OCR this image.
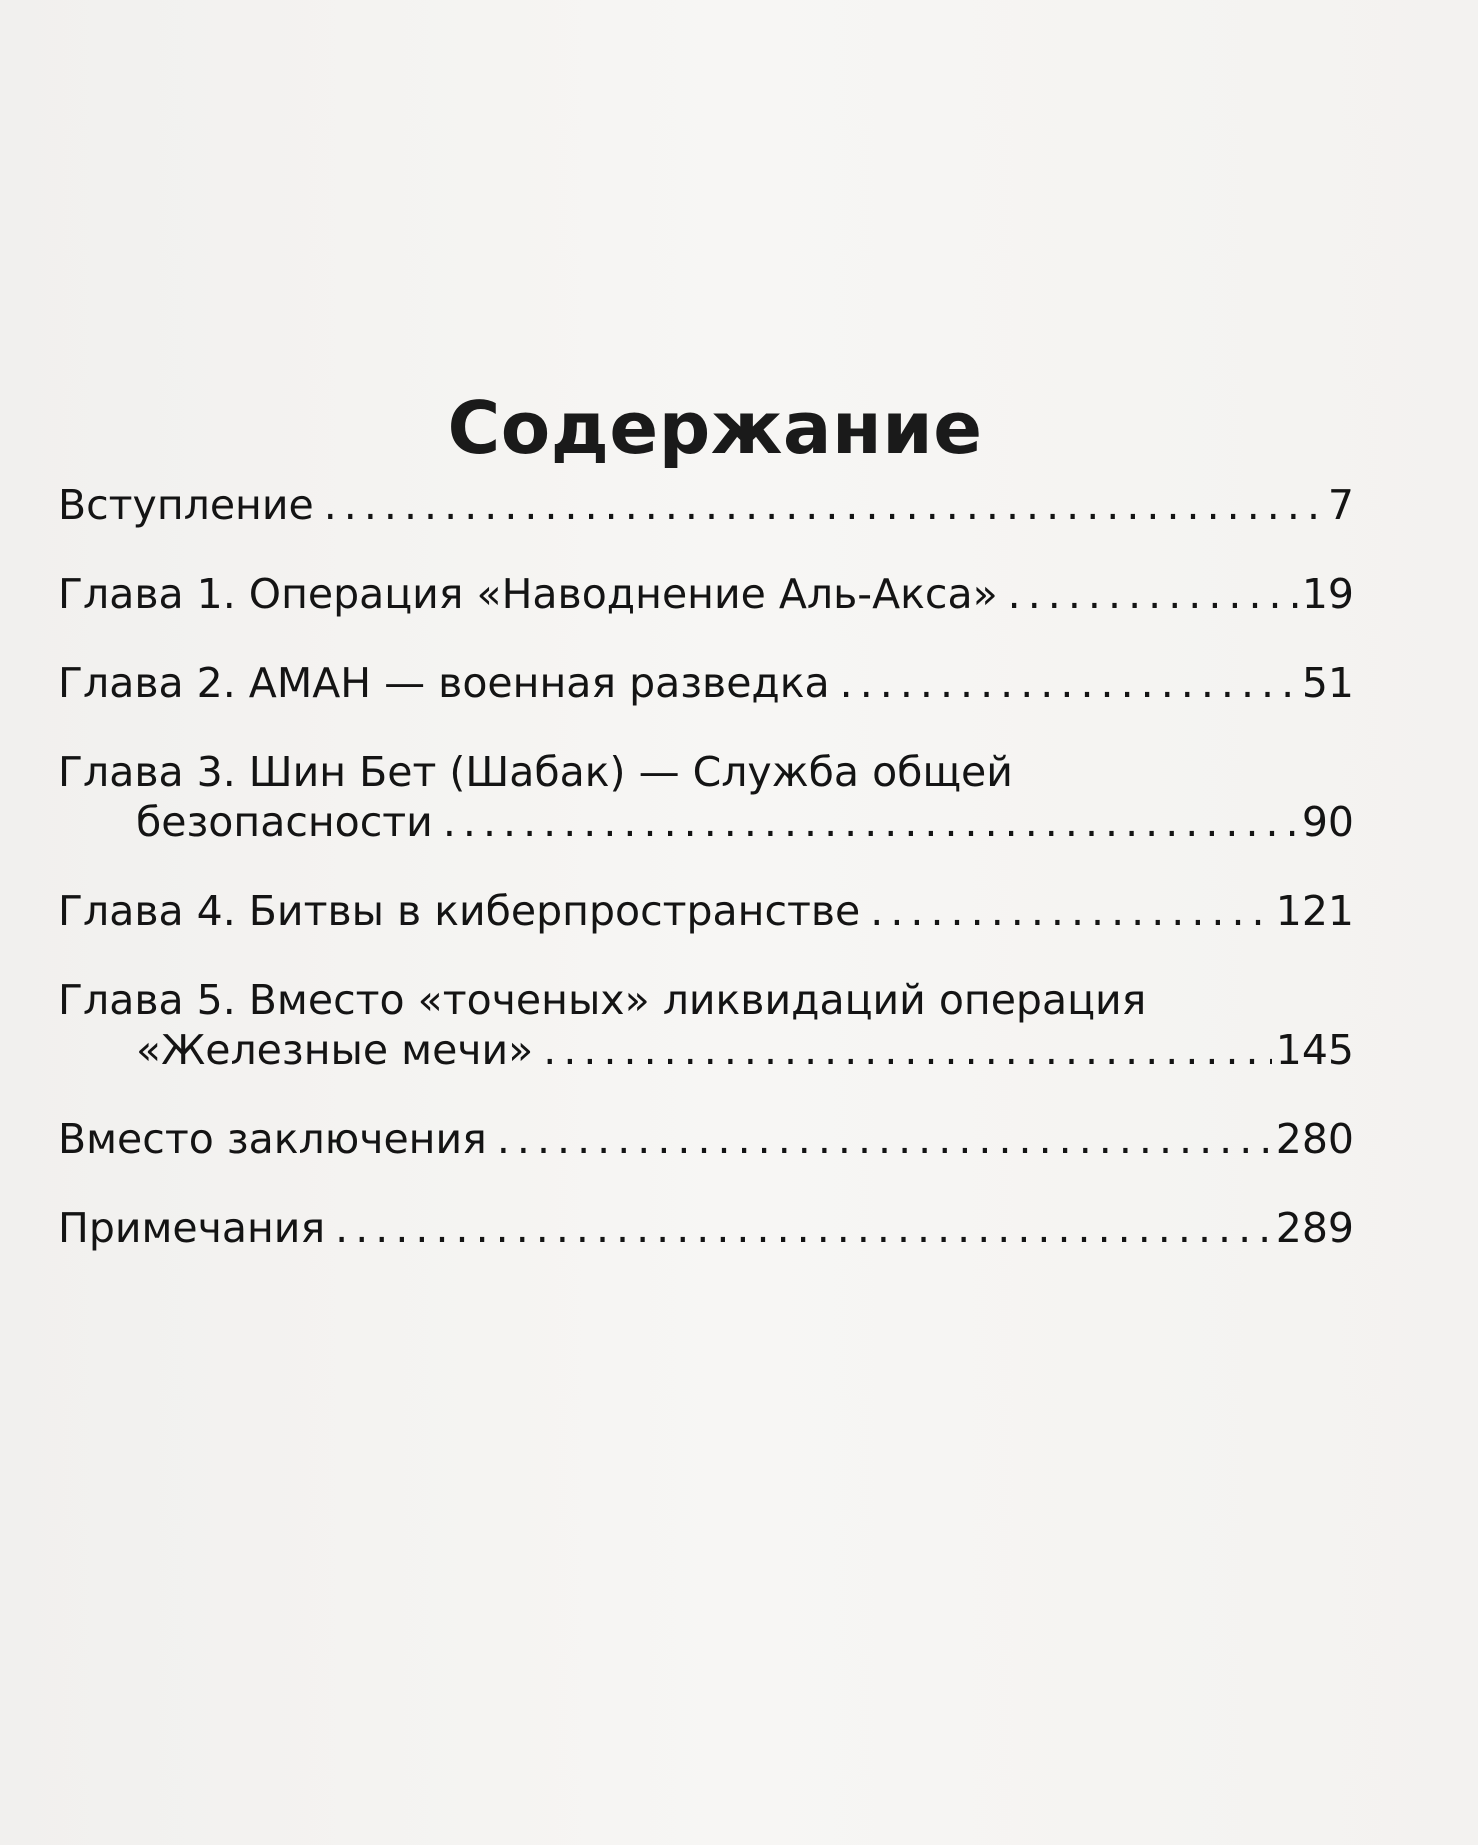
Содержание
Вступление . . .	7
Глава 1. Операция «Наводнение Аль-Акса» . . .	19
Глава 2. АМАН — военная разведка . . .	51
Глава 3. Шин Бет (Шабак) — Служба общей
безопасности . . .	90
Глава 4. Битвы в киберпространстве . . .	121
Глава 5. Вместо «точеных» ликвидаций операция
«Железные мечи» . . .	145
Вместо заключения . . .	280
Примечания . . .	289
